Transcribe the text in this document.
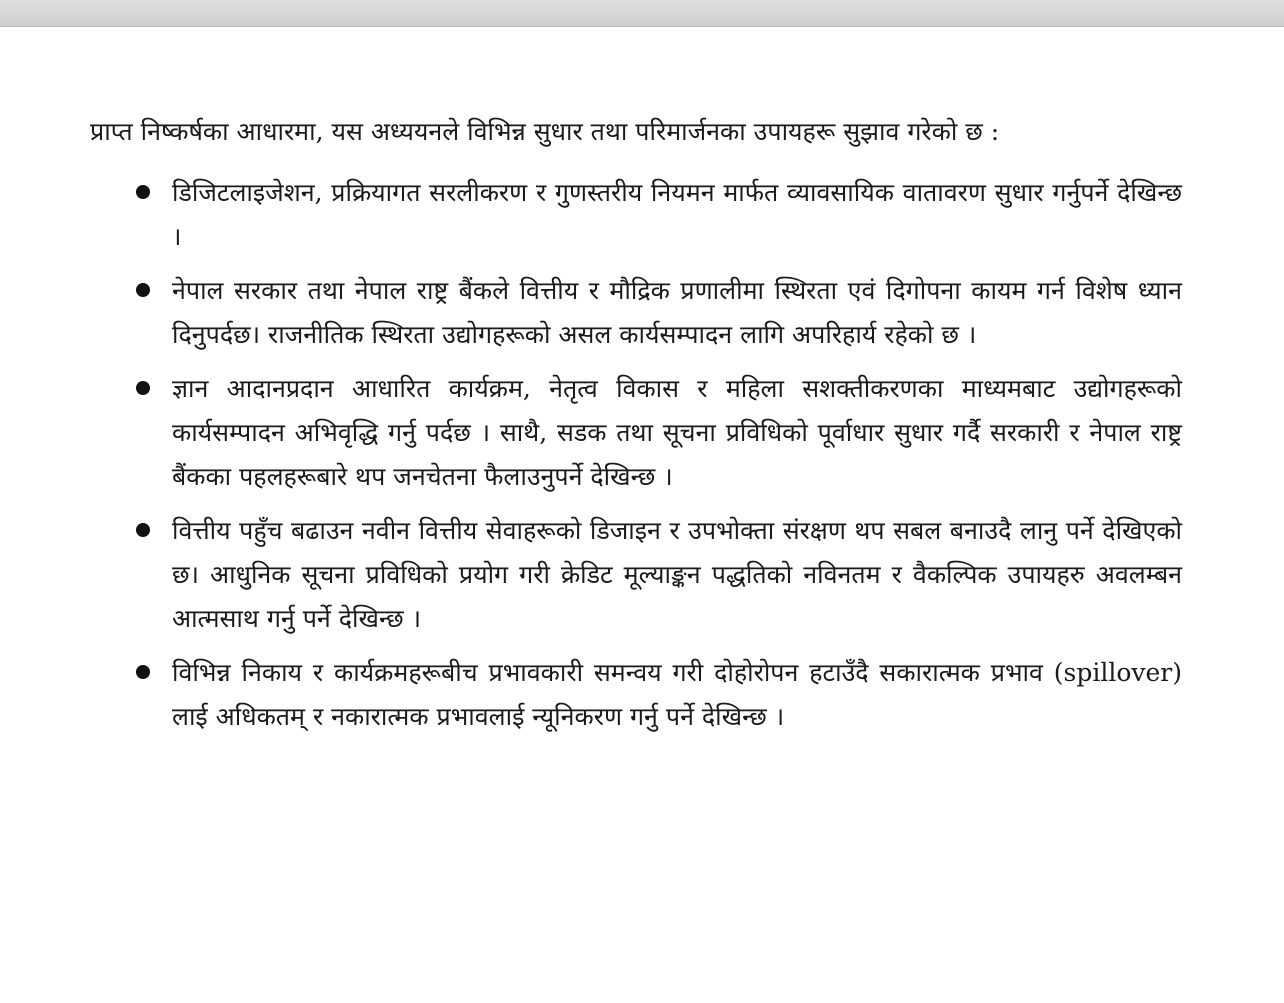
प्राप्त निष्कर्षका आधारमा, यस अध्ययनले विभिन्न सुधार तथा परिमार्जनका उपायहरू सुझाव गरेको छ :

डिजिटलाइजेशन, प्रक्रियागत सरलीकरण र गुणस्तरीय नियमन मार्फत व्यावसायिक वातावरण सुधार गर्नुपर्ने देखिन्छ ।
नेपाल सरकार तथा नेपाल राष्ट्र बैंकले वित्तीय र मौद्रिक प्रणालीमा स्थिरता एवं दिगोपना कायम गर्न विशेष ध्यान दिनुपर्दछ। राजनीतिक स्थिरता उद्योगहरूको असल कार्यसम्पादन लागि अपरिहार्य रहेको छ ।
ज्ञान आदानप्रदान आधारित कार्यक्रम, नेतृत्व विकास र महिला सशक्तीकरणका माध्यमबाट उद्योगहरूको कार्यसम्पादन अभिवृद्धि गर्नु पर्दछ । साथै, सडक तथा सूचना प्रविधिको पूर्वाधार सुधार गर्दै सरकारी र नेपाल राष्ट्र बैंकका पहलहरूबारे थप जनचेतना फैलाउनुपर्ने देखिन्छ ।
वित्तीय पहुँच बढाउन नवीन वित्तीय सेवाहरूको डिजाइन र उपभोक्ता संरक्षण थप सबल बनाउदै लानु पर्ने देखिएको छ। आधुनिक सूचना प्रविधिको प्रयोग गरी क्रेडिट मूल्याङ्कन पद्धतिको नविनतम र वैकल्पिक उपायहरु अवलम्बन आत्मसाथ गर्नु पर्ने देखिन्छ ।
विभिन्न निकाय र कार्यक्रमहरूबीच प्रभावकारी समन्वय गरी दोहोरोपन हटाउँदै सकारात्मक प्रभाव (spillover) लाई अधिकतम् र नकारात्मक प्रभावलाई न्यूनिकरण गर्नु पर्ने देखिन्छ ।
